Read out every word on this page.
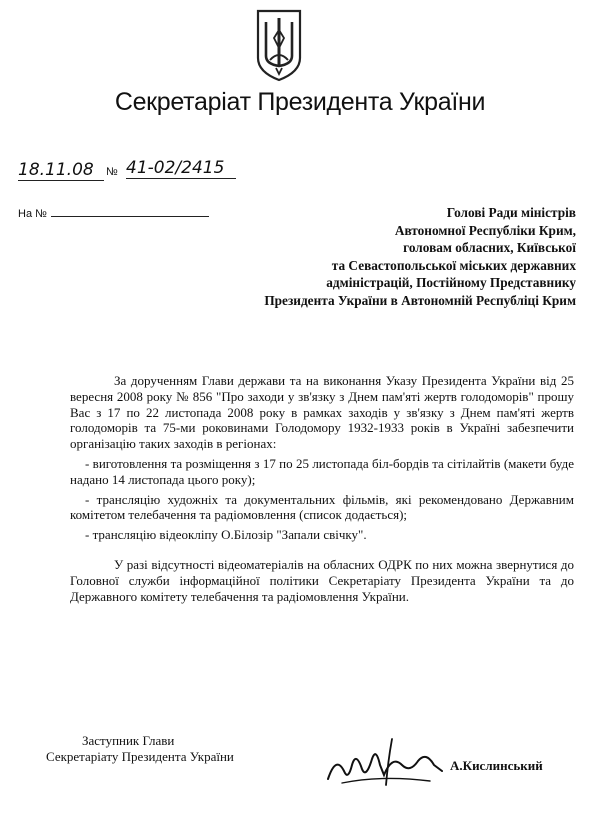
Секретаріат Президента України
18.11.08	№ 41-02/2415
На №	Голові Ради міністрів
Автономної Республіки Крим,
головам обласних, Київської
та Севастопольської міських державних
адміністрацій, Постійному Представнику
Президента України в Автономній Республіці Крим

За дорученням Глави держави та на виконання Указу Президента України від 25 вересня 2008 року № 856 "Про заходи у зв'язку з Днем пам'яті жертв голодоморів" прошу Вас з 17 по 22 листопада 2008 року в рамках заходів у зв'язку з Днем пам'яті жертв голодоморів та 75-ми роковинами Голодомору 1932-1933 років в Україні забезпечити організацію таких заходів в регіонах:

- виготовлення та розміщення з 17 по 25 листопада біл-бордів та сітілайтів (макети буде надано 14 листопада цього року);

- трансляцію художніх та документальних фільмів, які рекомендовано Державним комітетом телебачення та радіомовлення (список додається);

- трансляцію відеокліпу О.Білозір "Запали свічку".

У разі відсутності відеоматеріалів на обласних ОДРК по них можна звернутися до Головної служби інформаційної політики Секретаріату Президента України та до Державного комітету телебачення та радіомовлення України.

Заступник Глави
Секретаріату Президента України
А.Кислинський
